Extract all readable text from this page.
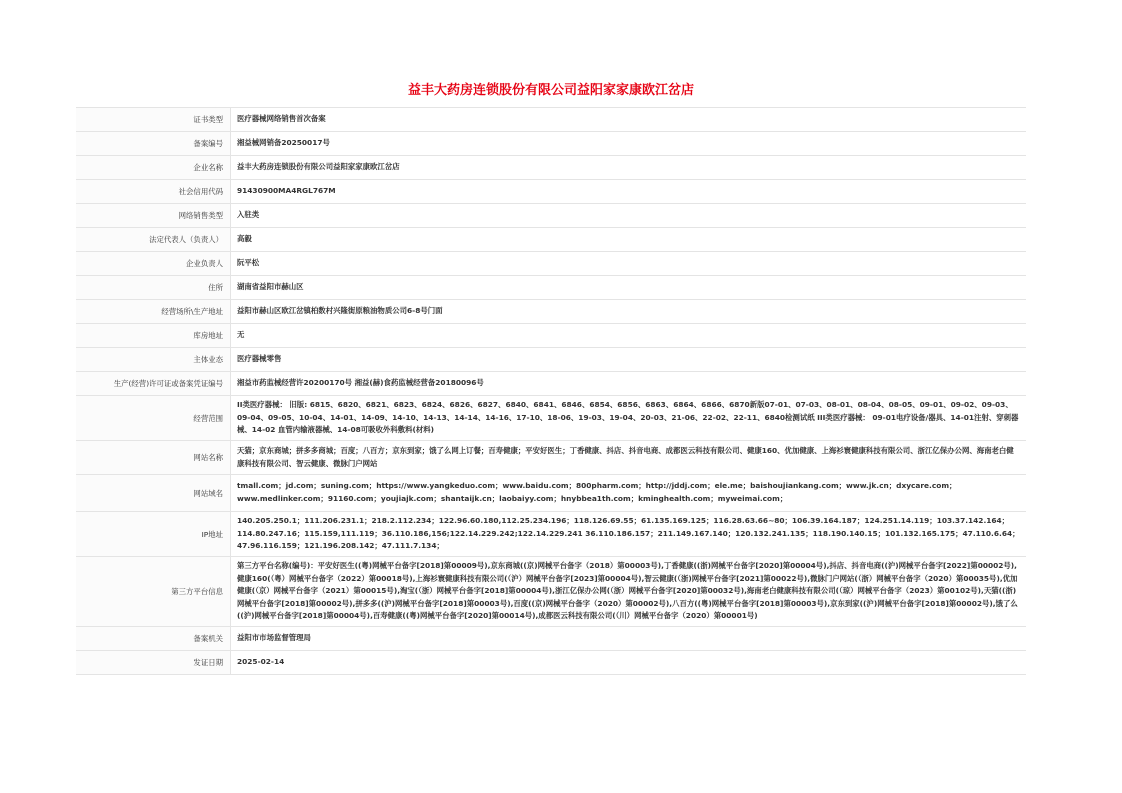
益丰大药房连锁股份有限公司益阳家家康欧江岔店
证书类型	医疗器械网络销售首次备案
备案编号	湘益械网销备20250017号
企业名称	益丰大药房连锁股份有限公司益阳家家康欧江岔店
社会信用代码	91430900MA4RGL767M
网络销售类型	入驻类
法定代表人（负责人）	高毅
企业负责人	阮平松
住所	湖南省益阳市赫山区
经营场所\生产地址	益阳市赫山区欧江岔镇柏数村兴隆街原粮油物质公司6-8号门面
库房地址	无
主体业态	医疗器械零售
生产(经营)许可证或备案凭证编号	湘益市药监械经营许20200170号 湘益(赫)食药监械经营备20180096号
经营范围	II类医疗器械： 旧版: 6815、6820、6821、6823、6824、6826、6827、6840、6841、6846、6854、6856、6863、6864、6866、6870新版07-01、07-03、08-01、08-04、08-05、09-01、09-02、09-03、09-04、09-05、10-04、14-01、14-09、14-10、14-13、14-14、14-16、17-10、18-06、19-03、19-04、20-03、21-06、22-02、22-11、6840检测试纸 III类医疗器械： 09-01电疗设备/器具、14-01注射、穿刺器械、14-02 血管内输液器械、14-08可吸收外科敷料(材料)

网站名称	天猫；京东商城；拼多多商城；百度；八百方；京东到家；饿了么网上订餐；百寿健康；平安好医生；丁香健康、抖店、抖音电商、成都医云科技有限公司、健康160、优加健康、上海衫寰健康科技有限公司、浙江亿保办公网、海南老白健康科技有限公司、智云健康、微脉门户网站

网站域名	tmall.com；jd.com；suning.com；https://www.yangkeduo.com；www.baidu.com；800pharm.com；http://jddj.com；ele.me；baishoujiankang.com；www.jk.cn；dxycare.com；www.medlinker.com；91160.com；youjiajk.com；shantaijk.cn；laobaiyy.com；hnybbea1th.com；kminghealth.com；myweimai.com；

IP地址	140.205.250.1；111.206.231.1；218.2.112.234；122.96.60.180,112.25.234.196；118.126.69.55；61.135.169.125；116.28.63.66~80；106.39.164.187；124.251.14.119；103.37.142.164；114.80.247.16；115.159,111.119；36.110.186,156;122.14.229.242;122.14.229.241 36.110.186.157；211.149.167.140；120.132.241.135；118.190.140.15；101.132.165.175；47.110.6.64；47.96.116.159；121.196.208.142；47.111.7.134；

第三方平台信息	第三方平台名称(编号)：平安好医生((粤)网械平台备字[2018]第00009号),京东商城((京)网械平台备字（2018）第00003号),丁香健康((浙)网械平台备字[2020]第00004号),抖店、抖音电商((沪)网械平台备字[2022]第00002号),健康160(（粤）网械平台备字（2022）第00018号),上海衫寰健康科技有限公司(（沪）网械平台备字[2023]第00004号),智云健康(（浙)网械平台备字[2021]第00022号),微脉门户网站(（浙）网械平台备字（2020）第00035号),优加健康(（京）网械平台备字（2021）第00015号),淘宝(（浙）网械平台备字[2018]第00004号),浙江亿保办公网(（浙）网械平台备字[2020]第00032号),海南老白健康科技有限公司(（琼）网械平台备字（2023）第00102号),天猫((浙)网械平台备字[2018]第00002号),拼多多((沪)网械平台备字[2018]第00003号),百度((京)网械平台备字（2020）第00002号),八百方((粤)网械平台备字[2018]第00003号),京东到家((沪)网械平台备字[2018]第00002号),饿了么((沪)网械平台备字[2018]第00004号),百寿健康((粤)网械平台备字[2020]第00014号),成都医云科技有限公司(（川）网械平台备字（2020）第00001号)

备案机关	益阳市市场监督管理局
发证日期	2025-02-14
